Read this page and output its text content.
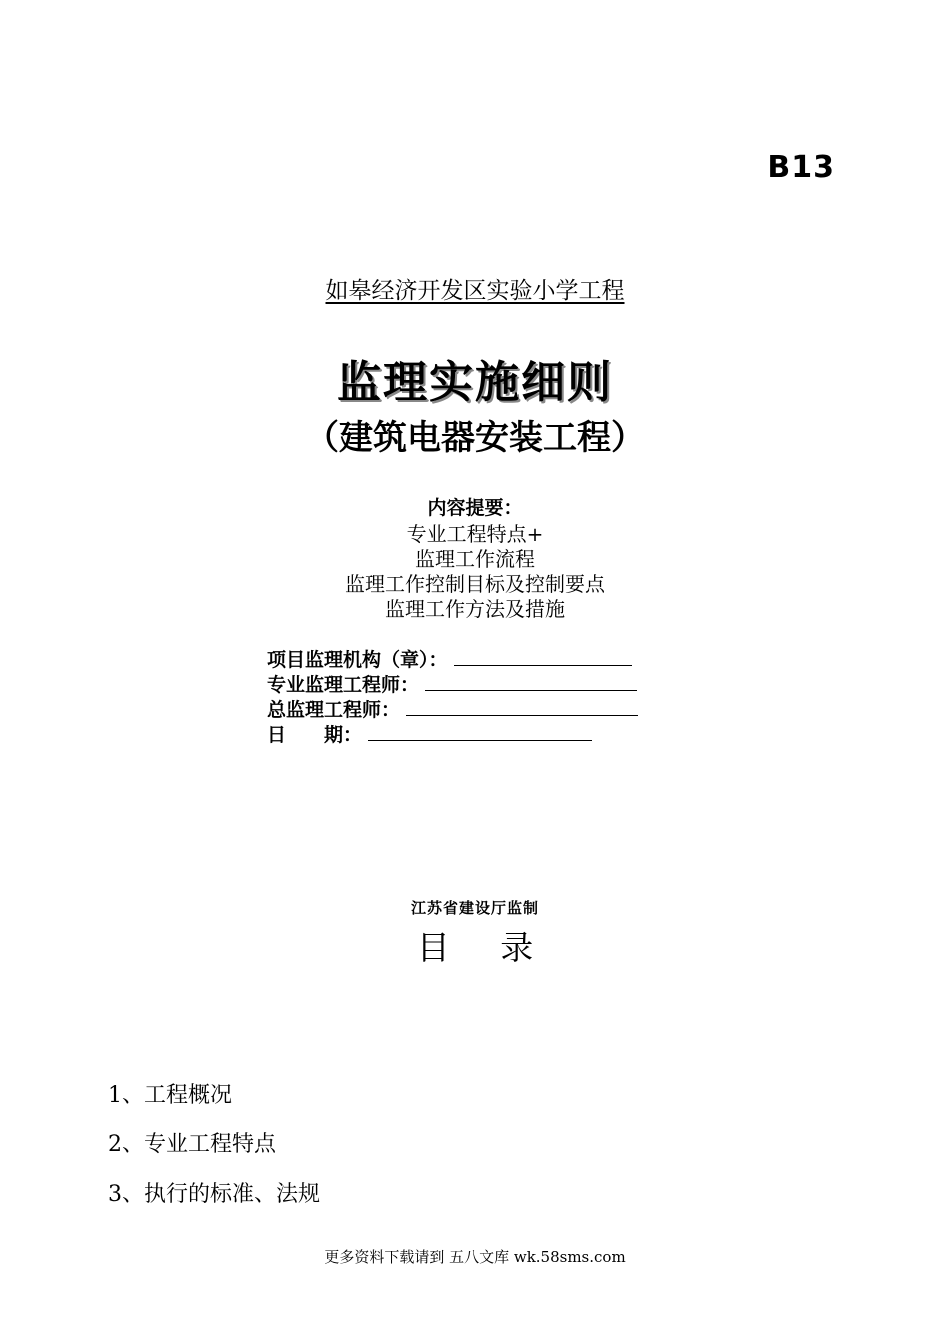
B13
如皋经济开发区实验小学工程
监理实施细则
（建筑电器安装工程）
内容提要：
专业工程特点+
监理工作流程
监理工作控制目标及控制要点
监理工作方法及措施
项目监理机构（章）：
专业监理工程师：
总监理工程师：
日　　期：
江苏省建设厅监制
目 录
1、工程概况
2、专业工程特点
3、执行的标准、法规
更多资料下载请到 五八文库 wk.58sms.com
